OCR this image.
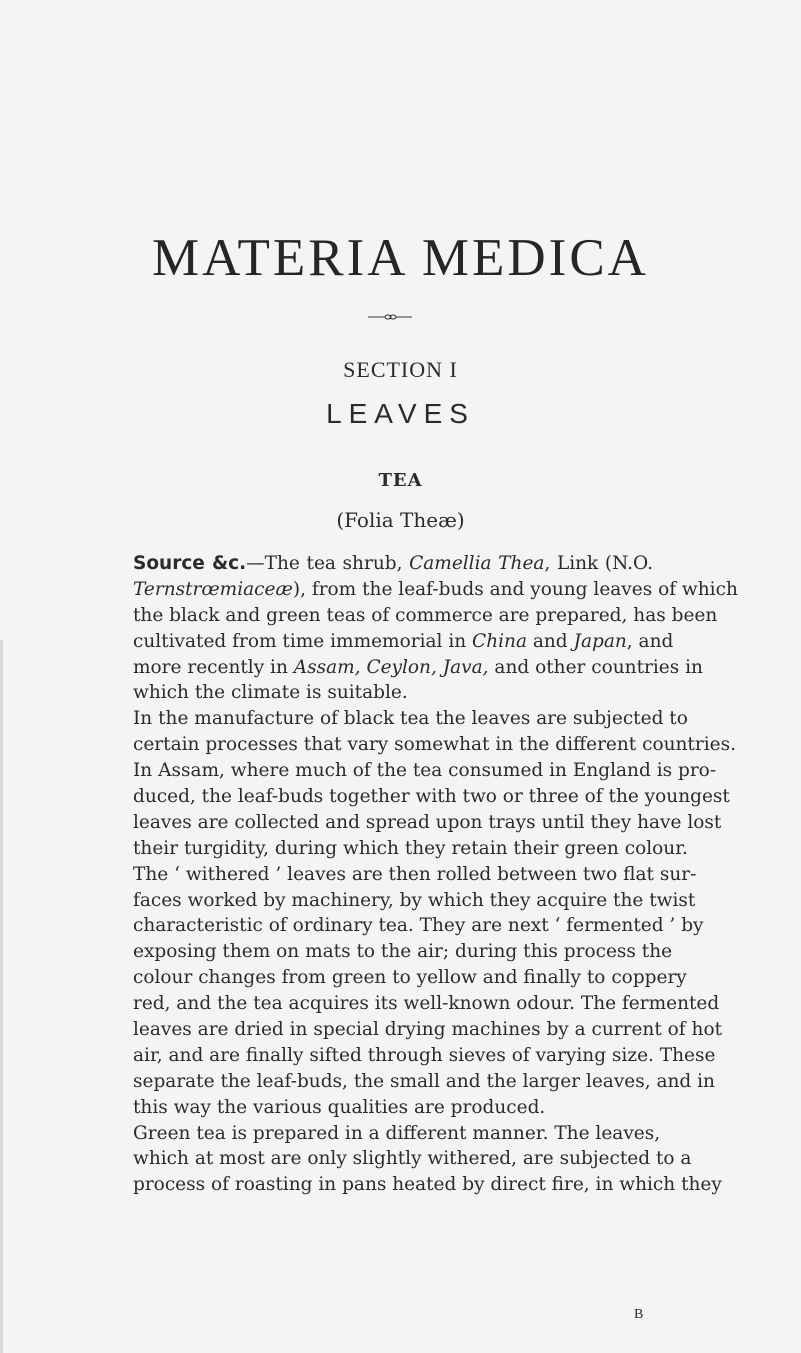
MATERIA MEDICA
SECTION I
LEAVES
TEA
(Folia Theæ)
Source &c.—The tea shrub, Camellia Thea, Link (N.O.
Ternstrœmiaceæ), from the leaf-buds and young leaves of which
the black and green teas of commerce are prepared, has been
cultivated from time immemorial in China and Japan, and
more recently in Assam, Ceylon, Java, and other countries in
which the climate is suitable.
In the manufacture of black tea the leaves are subjected to
certain processes that vary somewhat in the different countries.
In Assam, where much of the tea consumed in England is pro-
duced, the leaf-buds together with two or three of the youngest
leaves are collected and spread upon trays until they have lost
their turgidity, during which they retain their green colour.
The ‘ withered ’ leaves are then rolled between two flat sur-
faces worked by machinery, by which they acquire the twist
characteristic of ordinary tea. They are next ‘ fermented ’ by
exposing them on mats to the air; during this process the
colour changes from green to yellow and finally to coppery
red, and the tea acquires its well-known odour. The fermented
leaves are dried in special drying machines by a current of hot
air, and are finally sifted through sieves of varying size. These
separate the leaf-buds, the small and the larger leaves, and in
this way the various qualities are produced.
Green tea is prepared in a different manner. The leaves,
which at most are only slightly withered, are subjected to a
process of roasting in pans heated by direct fire, in which they
B
